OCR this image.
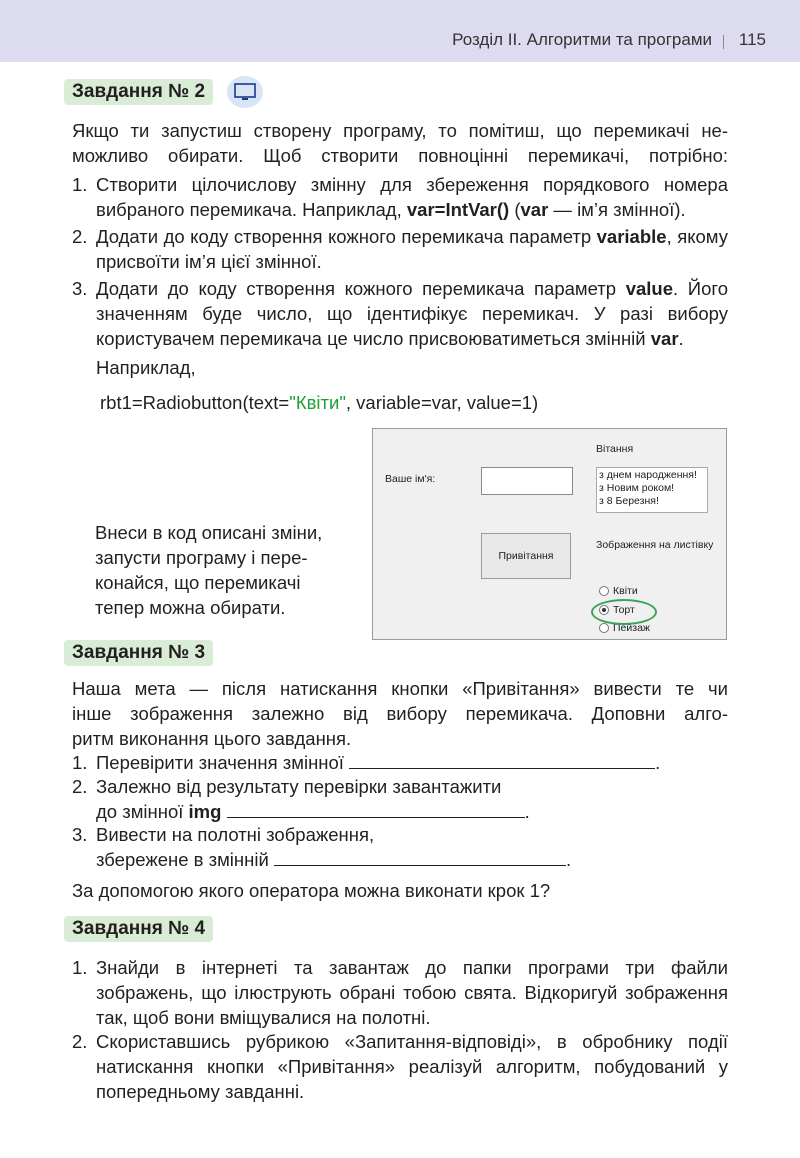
Розділ ІІ. Алгоритми та програми 115
Завдання № 2
Якщо ти запустиш створену програму, то помітиш, що перемикачі не-
можливо обирати. Щоб створити повноцінні перемикачі, потрібно:
1. Створити цілочислову змінну для збереження порядкового номера вибраного перемикача. Наприклад, var=IntVar() (var — ім’я змінної).
2. Додати до коду створення кожного перемикача параметр variable, якому присвоїти ім’я цієї змінної.
3. Додати до коду створення кожного перемикача параметр value. Його значенням буде число, що ідентифікує перемикач. У разі вибору користувачем перемикача це число присвоюватиметься змінній var.
Наприклад,
rbt1=Radiobutton(text="Квіти", variable=var, value=1)
Внеси в код описані зміни,
запусти програму і пере-
конайся, що перемикачі
тепер можна обирати.
Вітання
Ваше ім'я:	з днем народження!
з Новим роком!
з 8 Березня!
Привітання
Зображення на листівку
Квіти
Торт
Пейзаж
Завдання № 3
Наша мета — після натискання кнопки «Привітання» вивести те чи
інше зображення залежно від вибору перемикача. Доповни алго-
ритм виконання цього завдання.
1. Перевірити значення змінної	.
2. Залежно від результату перевірки завантажити
до змінної img	.
3. Вивести на полотні зображення,
збережене в змінній	.
За допомогою якого оператора можна виконати крок 1?
Завдання № 4
1. Знайди в інтернеті та завантаж до папки програми три файли зображень, що ілюструють обрані тобою свята. Відкоригуй зображення так, щоб вони вміщувалися на полотні.
2. Скориставшись рубрикою «Запитання-відповіді», в обробнику події натискання кнопки «Привітання» реалізуй алгоритм, побудований у попередньому завданні.
